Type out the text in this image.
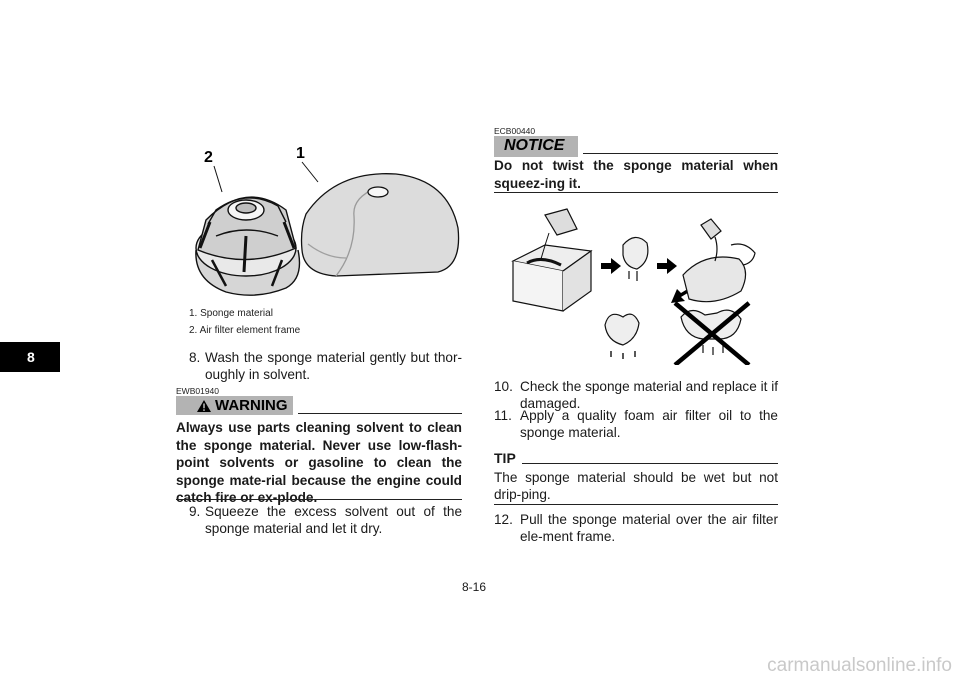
8
2	1
1. Sponge material
2. Air filter element frame
8. Wash the sponge material gently but thor-oughly in solvent.
EWB01940
WARNING
Always use parts cleaning solvent to clean the sponge material. Never use low-flash-point solvents or gasoline to clean the sponge mate-rial because the engine could catch fire or ex-plode.
9. Squeeze the excess solvent out of the sponge material and let it dry.
ECB00440
NOTICE
Do not twist the sponge material when squeez-ing it.
10. Check the sponge material and replace it if damaged.
11. Apply a quality foam air filter oil to the sponge material.
TIP
The sponge material should be wet but not drip-ping.
12. Pull the sponge material over the air filter ele-ment frame.
8-16
carmanualsonline.info
